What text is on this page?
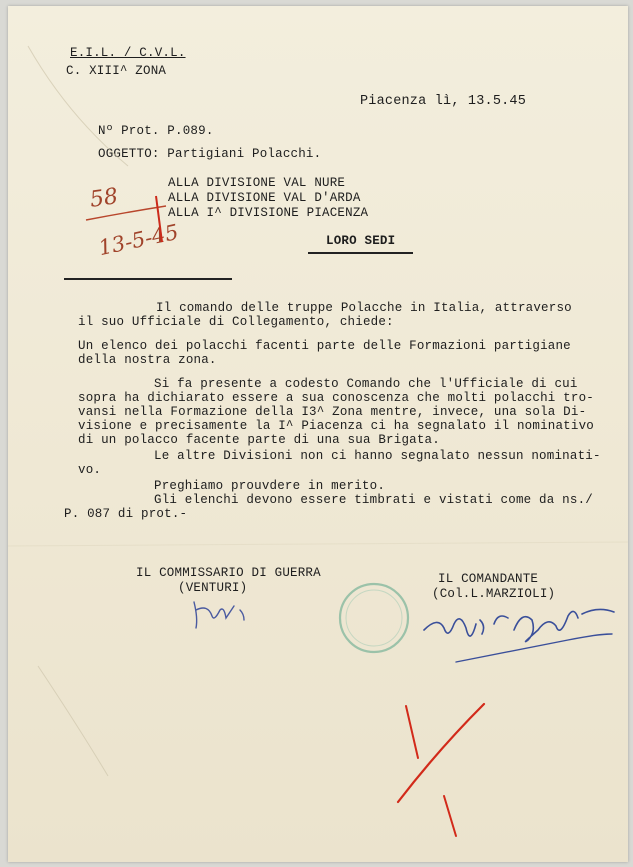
E.I.L. / C.V.L.
C. XIII^ ZONA
Piacenza lì, 13.5.45
Nº Prot. P.089.
OGGETTO: Partigiani Polacchi.
ALLA DIVISIONE VAL NURE
ALLA DIVISIONE VAL D'ARDA
ALLA I^ DIVISIONE PIACENZA
LORO SEDI
58
13-5-45
Il comando delle truppe Polacche in Italia, attraverso
il suo Ufficiale di Collegamento, chiede:
Un elenco dei polacchi facenti parte delle Formazioni partigiane
della nostra zona.
Si fa presente a codesto Comando che l'Ufficiale di cui
sopra ha dichiarato essere a sua conoscenza che molti polacchi tro-
vansi nella Formazione della I3^ Zona mentre, invece, una sola Di-
visione e precisamente la I^ Piacenza ci ha segnalato il nominativo
di un polacco facente parte di una sua Brigata.
Le altre Divisioni non ci hanno segnalato nessun nominati-
vo.
Preghiamo prouvdere in merito.
Gli elenchi devono essere timbrati e vistati come da ns./
P. 087 di prot.-
IL COMMISSARIO DI GUERRA
(VENTURI)
IL COMANDANTE
(Col.L.MARZIOLI)
